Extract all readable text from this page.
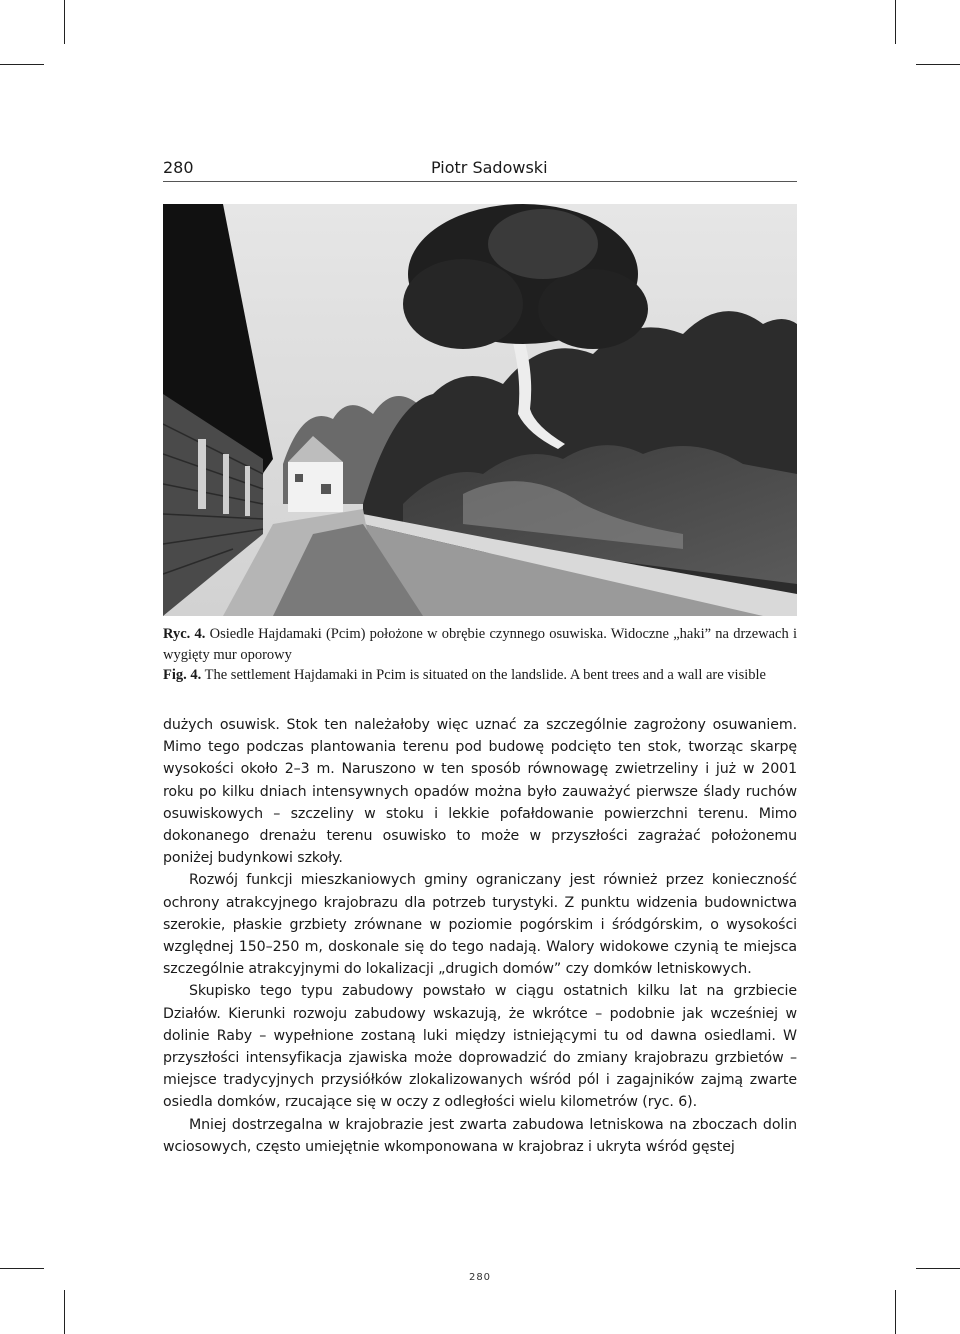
280	Piotr Sadowski

Ryc. 4. Osiedle Hajdamaki (Pcim) położone w obrębie czynnego osuwiska. Widoczne „haki” na drzewach i wygięty mur oporowy

Fig. 4. The settlement Hajdamaki in Pcim is situated on the landslide. A bent trees and a wall are visible

dużych osuwisk. Stok ten należałoby więc uznać za szczególnie zagrożony osuwaniem. Mimo tego podczas plantowania terenu pod budowę podcięto ten stok, tworząc skarpę wysokości około 2–3 m. Naruszono w ten sposób równowagę zwietrzeliny i już w 2001 roku po kilku dniach intensywnych opadów można było zauważyć pierwsze ślady ruchów osuwiskowych – szczeliny w stoku i lekkie pofałdowanie powierzchni terenu. Mimo dokonanego drenażu terenu osuwisko to może w przyszłości zagrażać położonemu poniżej budynkowi szkoły.

Rozwój funkcji mieszkaniowych gminy ograniczany jest również przez konieczność ochrony atrakcyjnego krajobrazu dla potrzeb turystyki. Z punktu widzenia budownictwa szerokie, płaskie grzbiety zrównane w poziomie pogórskim i śródgórskim, o wysokości względnej 150–250 m, doskonale się do tego nadają. Walory widokowe czynią te miejsca szczególnie atrakcyjnymi do lokalizacji „drugich domów” czy domków letniskowych.

Skupisko tego typu zabudowy powstało w ciągu ostatnich kilku lat na grzbiecie Działów. Kierunki rozwoju zabudowy wskazują, że wkrótce – podobnie jak wcześniej w dolinie Raby – wypełnione zostaną luki między istniejącymi tu od dawna osiedlami. W przyszłości intensyfikacja zjawiska może doprowadzić do zmiany krajobrazu grzbietów – miejsce tradycyjnych przysiółków zlokalizowanych wśród pól i zagajników zajmą zwarte osiedla domków, rzucające się w oczy z odległości wielu kilometrów (ryc. 6).

Mniej dostrzegalna w krajobrazie jest zwarta zabudowa letniskowa na zboczach dolin wciosowych, często umiejętnie wkomponowana w krajobraz i ukryta wśród gęstej

280
